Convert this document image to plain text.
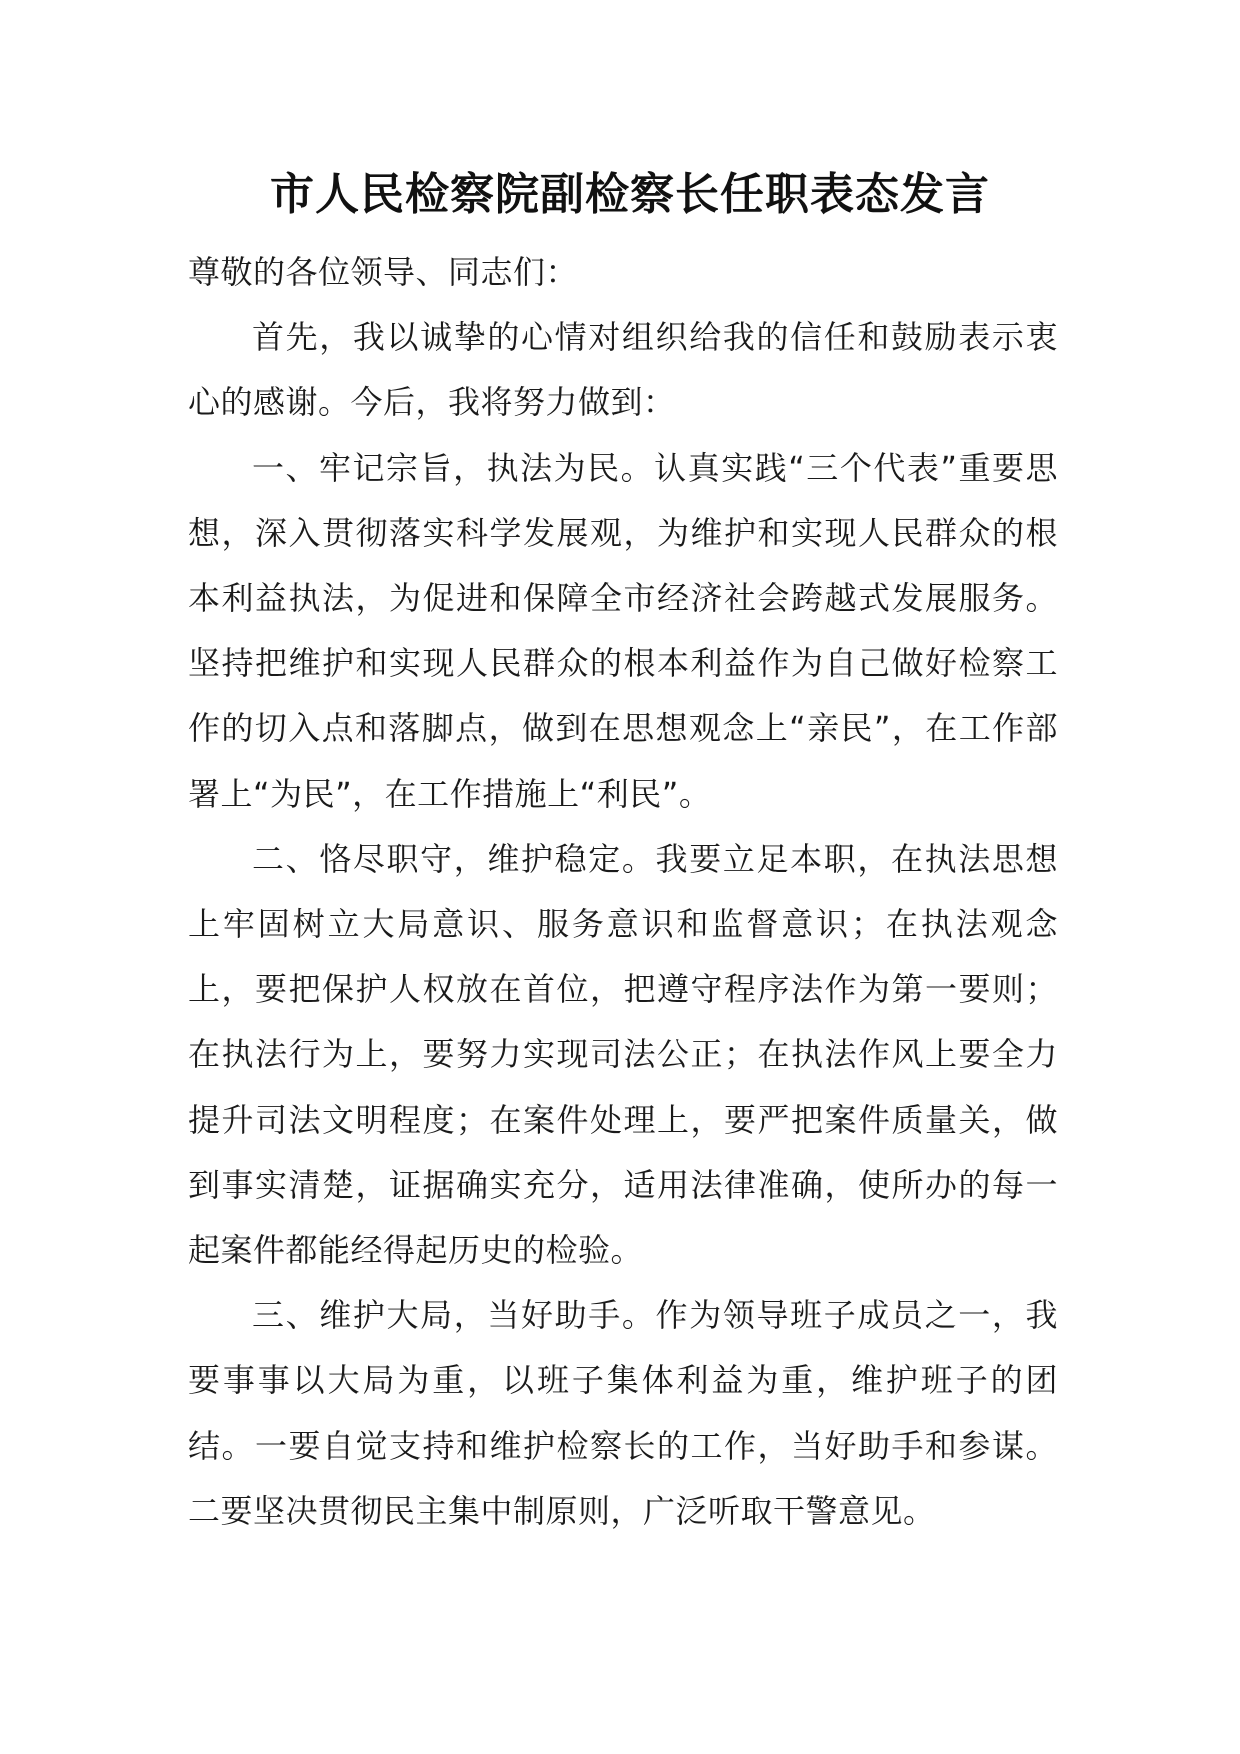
市人民检察院副检察长任职表态发言

尊敬的各位领导、同志们：

首先，我以诚挚的心情对组织给我的信任和鼓励表示衷心的感谢。今后，我将努力做到：

一、牢记宗旨，执法为民。认真实践“三个代表”重要思想，深入贯彻落实科学发展观，为维护和实现人民群众的根本利益执法，为促进和保障全市经济社会跨越式发展服务。坚持把维护和实现人民群众的根本利益作为自己做好检察工作的切入点和落脚点，做到在思想观念上“亲民”，在工作部署上“为民”，在工作措施上“利民”。

二、恪尽职守，维护稳定。我要立足本职，在执法思想上牢固树立大局意识、服务意识和监督意识；在执法观念上，要把保护人权放在首位，把遵守程序法作为第一要则；在执法行为上，要努力实现司法公正；在执法作风上要全力提升司法文明程度；在案件处理上，要严把案件质量关，做到事实清楚，证据确实充分，适用法律准确，使所办的每一起案件都能经得起历史的检验。

三、维护大局，当好助手。作为领导班子成员之一，我要事事以大局为重，以班子集体利益为重，维护班子的团结。一要自觉支持和维护检察长的工作，当好助手和参谋。二要坚决贯彻民主集中制原则，广泛听取干警意见。
